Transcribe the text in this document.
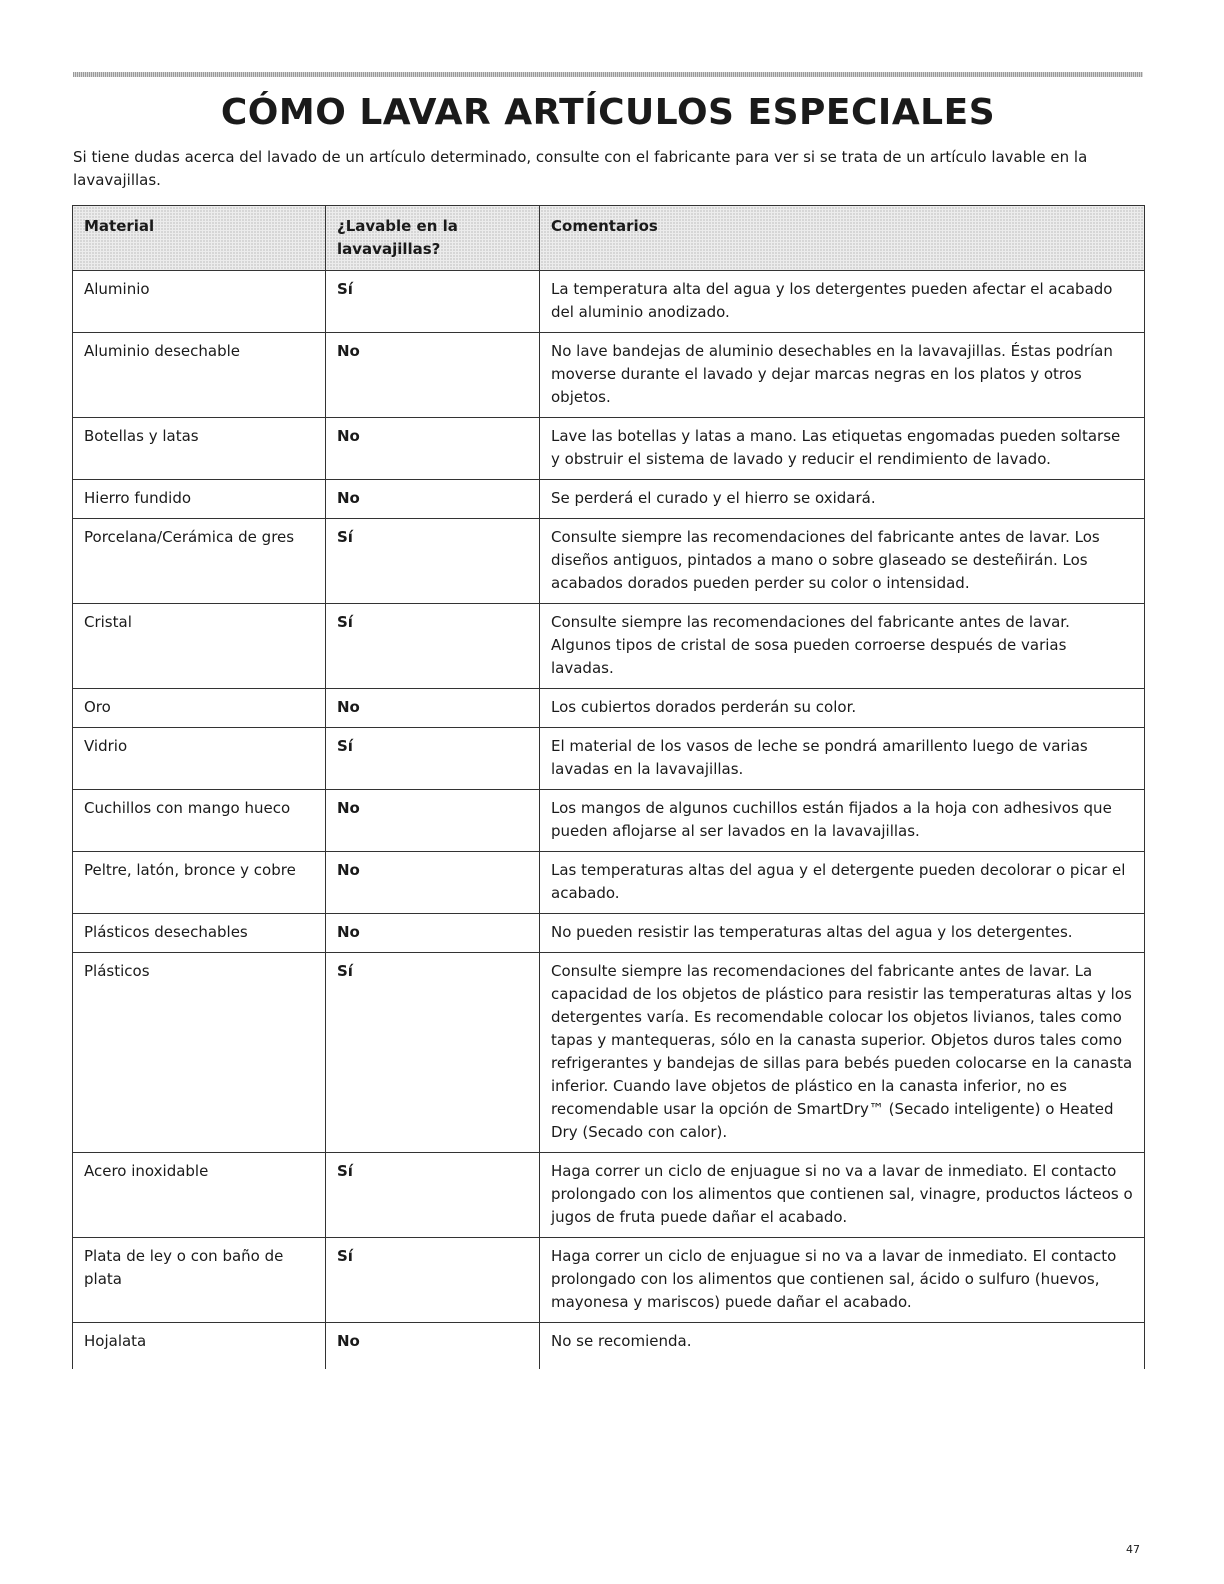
CÓMO LAVAR ARTÍCULOS ESPECIALES

Si tiene dudas acerca del lavado de un artículo determinado, consulte con el fabricante para ver si se trata de un artículo lavable en la lavavajillas.

Material	¿Lavable en la lavavajillas?	Comentarios
Aluminio	Sí	La temperatura alta del agua y los detergentes pueden afectar el acabado del aluminio anodizado.
Aluminio desechable	No	No lave bandejas de aluminio desechables en la lavavajillas. Éstas podrían moverse durante el lavado y dejar marcas negras en los platos y otros objetos.
Botellas y latas	No	Lave las botellas y latas a mano. Las etiquetas engomadas pueden soltarse y obstruir el sistema de lavado y reducir el rendimiento de lavado.
Hierro fundido	No	Se perderá el curado y el hierro se oxidará.
Porcelana/Cerámica de gres	Sí	Consulte siempre las recomendaciones del fabricante antes de lavar. Los diseños antiguos, pintados a mano o sobre glaseado se desteñirán. Los acabados dorados pueden perder su color o intensidad.
Cristal	Sí	Consulte siempre las recomendaciones del fabricante antes de lavar. Algunos tipos de cristal de sosa pueden corroerse después de varias lavadas.
Oro	No	Los cubiertos dorados perderán su color.
Vidrio	Sí	El material de los vasos de leche se pondrá amarillento luego de varias lavadas en la lavavajillas.
Cuchillos con mango hueco	No	Los mangos de algunos cuchillos están fijados a la hoja con adhesivos que pueden aflojarse al ser lavados en la lavavajillas.
Peltre, latón, bronce y cobre	No	Las temperaturas altas del agua y el detergente pueden decolorar o picar el acabado.
Plásticos desechables	No	No pueden resistir las temperaturas altas del agua y los detergentes.
Plásticos	Sí	Consulte siempre las recomendaciones del fabricante antes de lavar. La capacidad de los objetos de plástico para resistir las temperaturas altas y los detergentes varía. Es recomendable colocar los objetos livianos, tales como tapas y mantequeras, sólo en la canasta superior. Objetos duros tales como refrigerantes y bandejas de sillas para bebés pueden colocarse en la canasta inferior. Cuando lave objetos de plástico en la canasta inferior, no es recomendable usar la opción de SmartDry™ (Secado inteligente) o Heated Dry (Secado con calor).
Acero inoxidable	Sí	Haga correr un ciclo de enjuague si no va a lavar de inmediato. El contacto prolongado con los alimentos que contienen sal, vinagre, productos lácteos o jugos de fruta puede dañar el acabado.
Plata de ley o con baño de plata	Sí	Haga correr un ciclo de enjuague si no va a lavar de inmediato. El contacto prolongado con los alimentos que contienen sal, ácido o sulfuro (huevos, mayonesa y mariscos) puede dañar el acabado.
Hojalata	No	No se recomienda.
47
